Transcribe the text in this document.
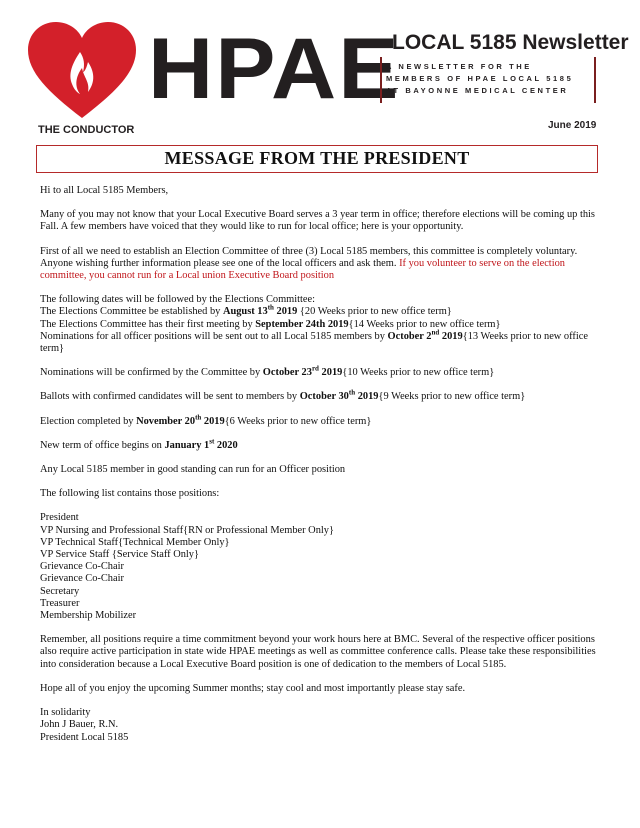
HPAE
LOCAL 5185 Newsletter
A NEWSLETTER FOR THE
MEMBERS OF HPAE LOCAL 5185
AT BAYONNE MEDICAL CENTER
THE CONDUCTOR	June 2019
MESSAGE FROM THE PRESIDENT

Hi to all Local 5185 Members,

Many of you may not know that your Local Executive Board serves a 3 year term in office; therefore elections will be coming up this Fall. A few members have voiced that they would like to run for local office; here is your opportunity.

First of all we need to establish an Election Committee of three (3) Local 5185 members, this committee is completely voluntary. Anyone wishing further information please see one of the local officers and ask them. If you volunteer to serve on the election committee, you cannot run for a Local union Executive Board position

The following dates will be followed by the Elections Committee:
The Elections Committee be established by August 13th 2019 {20 Weeks prior to new office term}
The Elections Committee has their first meeting by September 24th 2019{14 Weeks prior to new office term}
Nominations for all officer positions will be sent out to all Local 5185 members by October 2nd 2019{13 Weeks prior to new office term}

Nominations will be confirmed by the Committee by October 23rd 2019{10 Weeks prior to new office term}

Ballots with confirmed candidates will be sent to members by October 30th 2019{9 Weeks prior to new office term}

Election completed by November 20th 2019{6 Weeks prior to new office term}

New term of office begins on January 1st 2020

Any Local 5185 member in good standing can run for an Officer position

The following list contains those positions:

President
VP Nursing and Professional Staff{RN or Professional Member Only}
VP Technical Staff{Technical Member Only}
VP Service Staff {Service Staff Only}
Grievance Co-Chair
Grievance Co-Chair
Secretary
Treasurer
Membership Mobilizer

Remember, all positions require a time commitment beyond your work hours here at BMC. Several of the respective officer positions also require active participation in state wide HPAE meetings as well as committee conference calls. Please take these responsibilities into consideration because a Local Executive Board position is one of dedication to the members of Local 5185.

Hope all of you enjoy the upcoming Summer months; stay cool and most importantly please stay safe.

In solidarity
John J Bauer, R.N.
President Local 5185
